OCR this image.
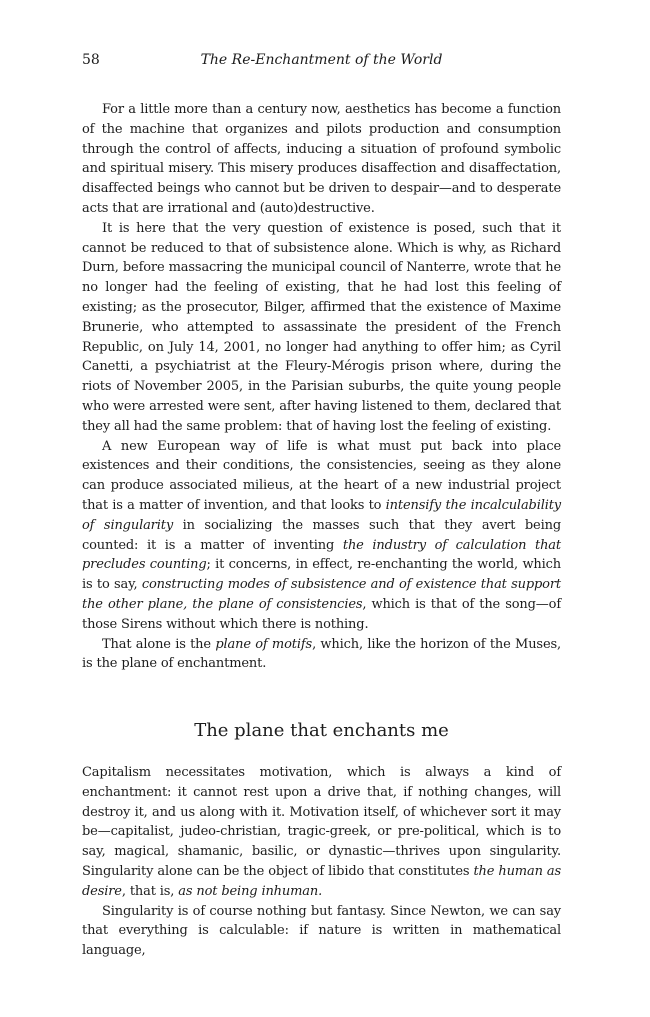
58	The Re-Enchantment of the World

For a little more than a century now, aesthetics has become a function of the machine that organizes and pilots production and consumption through the control of affects, inducing a situation of profound symbolic and spiritual misery. This misery produces disaffection and disaffectation, disaffected beings who cannot but be driven to despair—and to desperate acts that are irrational and (auto)destructive.

It is here that the very question of existence is posed, such that it cannot be reduced to that of subsistence alone. Which is why, as Richard Durn, before massacring the municipal council of Nanterre, wrote that he no longer had the feeling of existing, that he had lost this feeling of existing; as the prosecutor, Bilger, affirmed that the existence of Maxime Brunerie, who attempted to assassinate the president of the French Republic, on July 14, 2001, no longer had anything to offer him; as Cyril Canetti, a psychiatrist at the Fleury-Mérogis prison where, during the riots of November 2005, in the Parisian suburbs, the quite young people who were arrested were sent, after having listened to them, declared that they all had the same problem: that of having lost the feeling of existing.

A new European way of life is what must put back into place existences and their conditions, the consistencies, seeing as they alone can produce associated milieus, at the heart of a new industrial project that is a matter of invention, and that looks to intensify the incalculability of singularity in socializing the masses such that they avert being counted: it is a matter of inventing the industry of calculation that precludes counting; it concerns, in effect, re-enchanting the world, which is to say, constructing modes of subsistence and of existence that support the other plane, the plane of consistencies, which is that of the song—of those Sirens without which there is nothing.

That alone is the plane of motifs, which, like the horizon of the Muses, is the plane of enchantment.

The plane that enchants me

Capitalism necessitates motivation, which is always a kind of enchantment: it cannot rest upon a drive that, if nothing changes, will destroy it, and us along with it. Motivation itself, of whichever sort it may be—capitalist, judeo-christian, tragic-greek, or pre-political, which is to say, magical, shamanic, basilic, or dynastic—thrives upon singularity. Singularity alone can be the object of libido that constitutes the human as desire, that is, as not being inhuman.

Singularity is of course nothing but fantasy. Since Newton, we can say that everything is calculable: if nature is written in mathematical language,
